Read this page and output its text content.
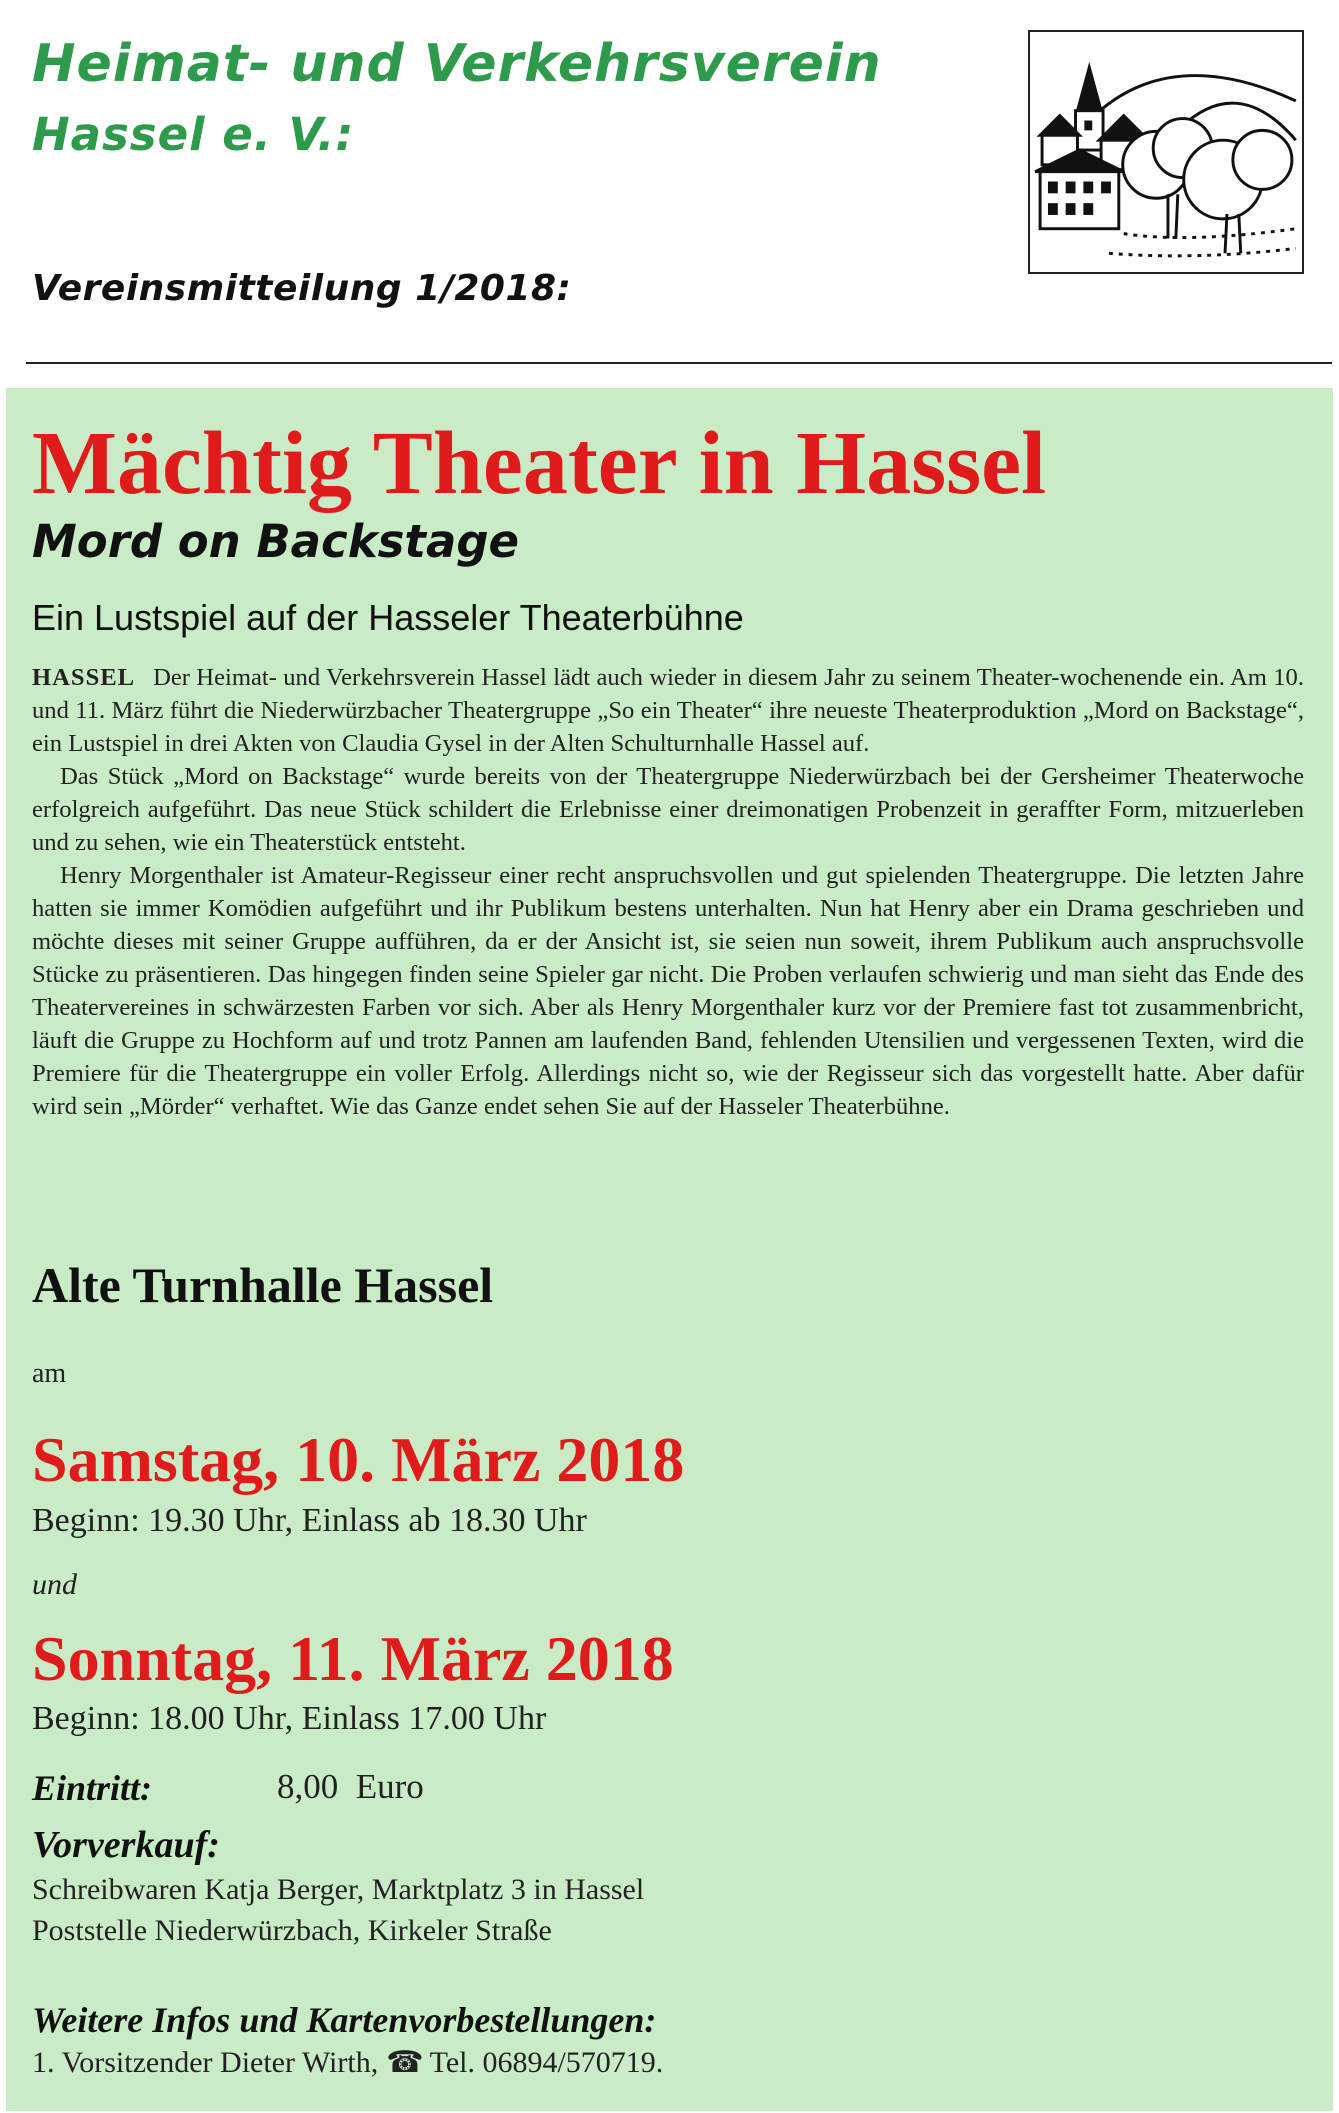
Heimat- und Verkehrsverein
Hassel e. V.:
Vereinsmitteilung 1/2018:
Mächtig Theater in Hassel
Mord on Backstage
Ein Lustspiel auf der Hasseler Theaterbühne

HASSEL Der Heimat- und Verkehrsverein Hassel lädt auch wieder in diesem Jahr zu seinem Theater-wochenende ein. Am 10. und 11. März führt die Niederwürzbacher Theatergruppe „So ein Theater“ ihre neueste Theaterproduktion „Mord on Backstage“, ein Lustspiel in drei Akten von Claudia Gysel in der Alten Schulturnhalle Hassel auf.

Das Stück „Mord on Backstage“ wurde bereits von der Theatergruppe Niederwürzbach bei der Gersheimer Theaterwoche erfolgreich aufgeführt. Das neue Stück schildert die Erlebnisse einer dreimonatigen Probenzeit in geraffter Form, mitzuerleben und zu sehen, wie ein Theaterstück entsteht.

Henry Morgenthaler ist Amateur-Regisseur einer recht anspruchsvollen und gut spielenden Theatergruppe. Die letzten Jahre hatten sie immer Komödien aufgeführt und ihr Publikum bestens unterhalten. Nun hat Henry aber ein Drama geschrieben und möchte dieses mit seiner Gruppe aufführen, da er der Ansicht ist, sie seien nun soweit, ihrem Publikum auch anspruchsvolle Stücke zu präsentieren. Das hingegen finden seine Spieler gar nicht. Die Proben verlaufen schwierig und man sieht das Ende des Theatervereines in schwärzesten Farben vor sich. Aber als Henry Morgenthaler kurz vor der Premiere fast tot zusammenbricht, läuft die Gruppe zu Hochform auf und trotz Pannen am laufenden Band, fehlenden Utensilien und vergessenen Texten, wird die Premiere für die Theatergruppe ein voller Erfolg. Allerdings nicht so, wie der Regisseur sich das vorgestellt hatte. Aber dafür wird sein „Mörder“ verhaftet. Wie das Ganze endet sehen Sie auf der Hasseler Theaterbühne.

Alte Turnhalle Hassel
am
Samstag, 10. März 2018
Beginn: 19.30 Uhr, Einlass ab 18.30 Uhr
und
Sonntag, 11. März 2018
Beginn: 18.00 Uhr, Einlass 17.00 Uhr
Eintritt:	8,00  Euro
Vorverkauf:
Schreibwaren Katja Berger, Marktplatz 3 in Hassel
Poststelle Niederwürzbach, Kirkeler Straße
Weitere Infos und Kartenvorbestellungen:
1. Vorsitzender Dieter Wirth, ☎ Tel. 06894/570719.
